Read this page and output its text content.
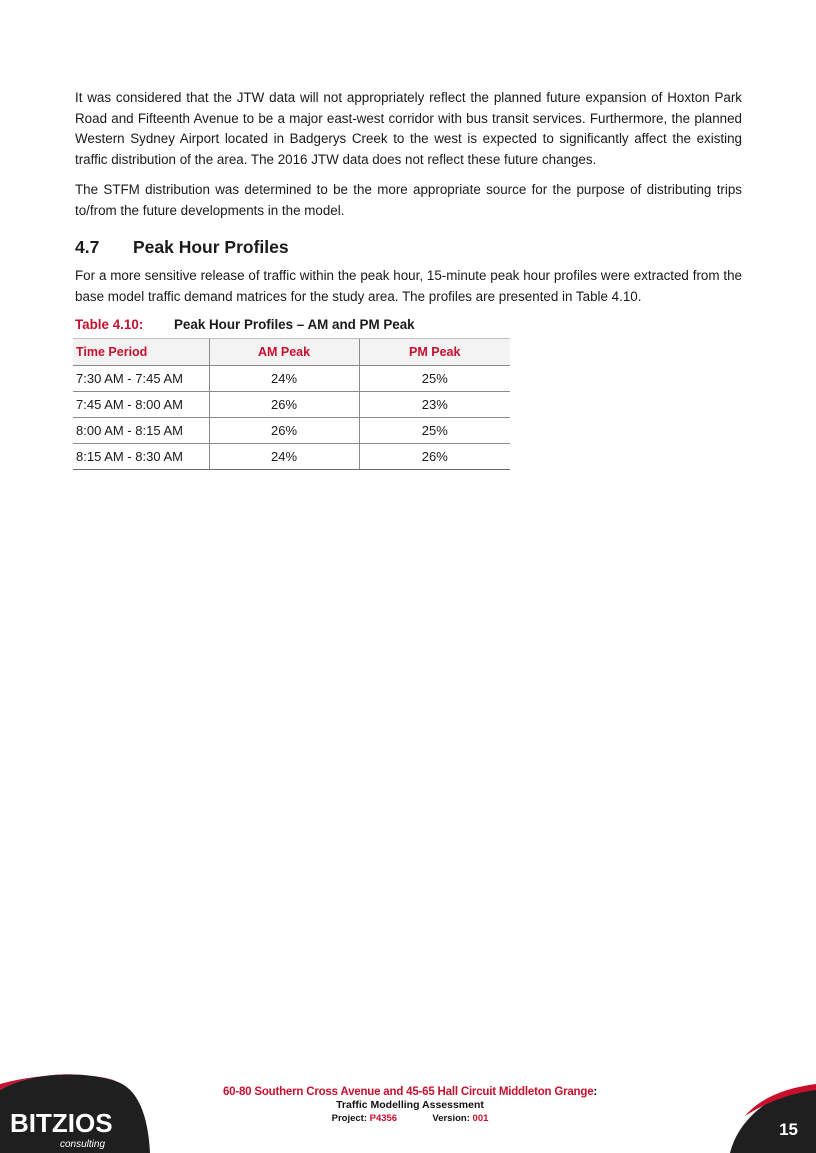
It was considered that the JTW data will not appropriately reflect the planned future expansion of Hoxton Park Road and Fifteenth Avenue to be a major east-west corridor with bus transit services. Furthermore, the planned Western Sydney Airport located in Badgerys Creek to the west is expected to significantly affect the existing traffic distribution of the area. The 2016 JTW data does not reflect these future changes.

The STFM distribution was determined to be the more appropriate source for the purpose of distributing trips to/from the future developments in the model.

4.7	Peak Hour Profiles

For a more sensitive release of traffic within the peak hour, 15-minute peak hour profiles were extracted from the base model traffic demand matrices for the study area. The profiles are presented in Table 4.10.

Table 4.10:	Peak Hour Profiles – AM and PM Peak
Time Period	AM Peak	PM Peak
7:30 AM - 7:45 AM	24%	25%
7:45 AM - 8:00 AM	26%	23%
8:00 AM - 8:15 AM	26%	25%
8:15 AM - 8:30 AM	24%	26%
BITZIOS
consulting
60-80 Southern Cross Avenue and 45-65 Hall Circuit Middleton Grange:
Traffic Modelling Assessment
Project: P4356	Version: 001
15
